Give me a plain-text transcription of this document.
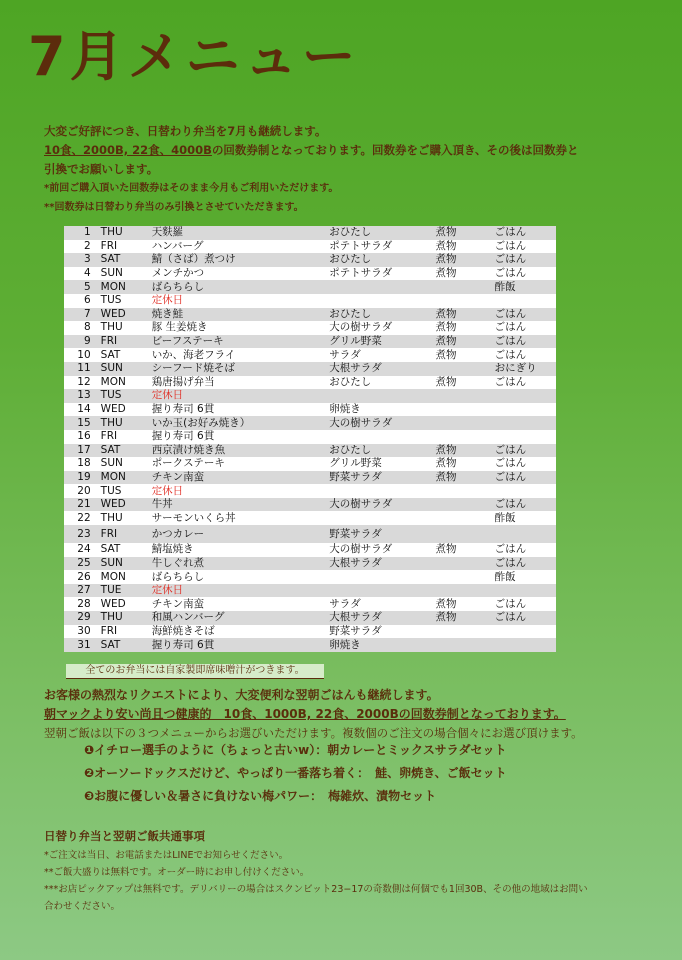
7月メニュー

大変ご好評につき、日替わり弁当を7月も継続します。

10食、2000B, 22食、4000Bの回数券制となっております。回数券をご購入頂き、その後は回数券と

引換でお願いします。

*前回ご購入頂いた回数券はそのまま今月もご利用いただけます。

**回数券は日替わり弁当のみ引換とさせていただきます。

1	THU	天麩羅	おひたし	煮物	ごはん
2	FRI	ハンバーグ	ポテトサラダ	煮物	ごはん
3	SAT	鯖（さば）煮つけ	おひたし	煮物	ごはん
4	SUN	メンチかつ	ポテトサラダ	煮物	ごはん
5	MON	ばらちらし			酢飯
6	TUS	定休日			
7	WED	焼き鮭	おひたし	煮物	ごはん
8	THU	豚 生姜焼き	大の樹サラダ	煮物	ごはん
9	FRI	ビーフステーキ	グリル野菜	煮物	ごはん
10	SAT	いか、海老フライ	サラダ	煮物	ごはん
11	SUN	シーフード焼そば	大根サラダ		おにぎり
12	MON	鶏唐揚げ弁当	おひたし	煮物	ごはん
13	TUS	定休日			
14	WED	握り寿司 6貫	卵焼き		
15	THU	いか玉(お好み焼き）	大の樹サラダ		
16	FRI	握り寿司 6貫			
17	SAT	西京漬け焼き魚	おひたし	煮物	ごはん
18	SUN	ポークステーキ	グリル野菜	煮物	ごはん
19	MON	チキン南蛮	野菜サラダ	煮物	ごはん
20	TUS	定休日			
21	WED	牛丼	大の樹サラダ		ごはん
22	THU	サーモンいくら丼			酢飯
23	FRI	かつカレー	野菜サラダ		
24	SAT	鯖塩焼き	大の樹サラダ	煮物	ごはん
25	SUN	牛しぐれ煮	大根サラダ		ごはん
26	MON	ばらちらし			酢飯
27	TUE	定休日			
28	WED	チキン南蛮	サラダ	煮物	ごはん
29	THU	和風ハンバーグ	大根サラダ	煮物	ごはん
30	FRI	海鮮焼きそば	野菜サラダ		
31	SAT	握り寿司 6貫	卵焼き		
全てのお弁当には自家製即席味噌汁がつきます。

お客様の熱烈なリクエストにより、大変便利な翌朝ごはんも継続します。

朝マックより安い尚且つ健康的　10食、1000B, 22食、2000Bの回数券制となっております。

翌朝ご飯は以下の３つメニューからお選びいただけます。複数個のご注文の場合個々にお選び頂けます。

❶イチロー選手のように（ちょっと古いw）：朝カレーとミックスサラダセット

❷オーソードックスだけど、やっぱり一番落ち着く：　鮭、卵焼き、ご飯セット

❸お腹に優しい＆暑さに負けない梅パワー：　梅雑炊、漬物セット

日替り弁当と翌朝ご飯共通事項

*ご注文は当日、お電話またはLINEでお知らせください。

**ご飯大盛りは無料です。オーダー時にお申し付けください。

***お店ピックアップは無料です。デリバリーの場合はスクンビット23−17の奇数側は何個でも1回30B、その他の地域はお問い

合わせください。
